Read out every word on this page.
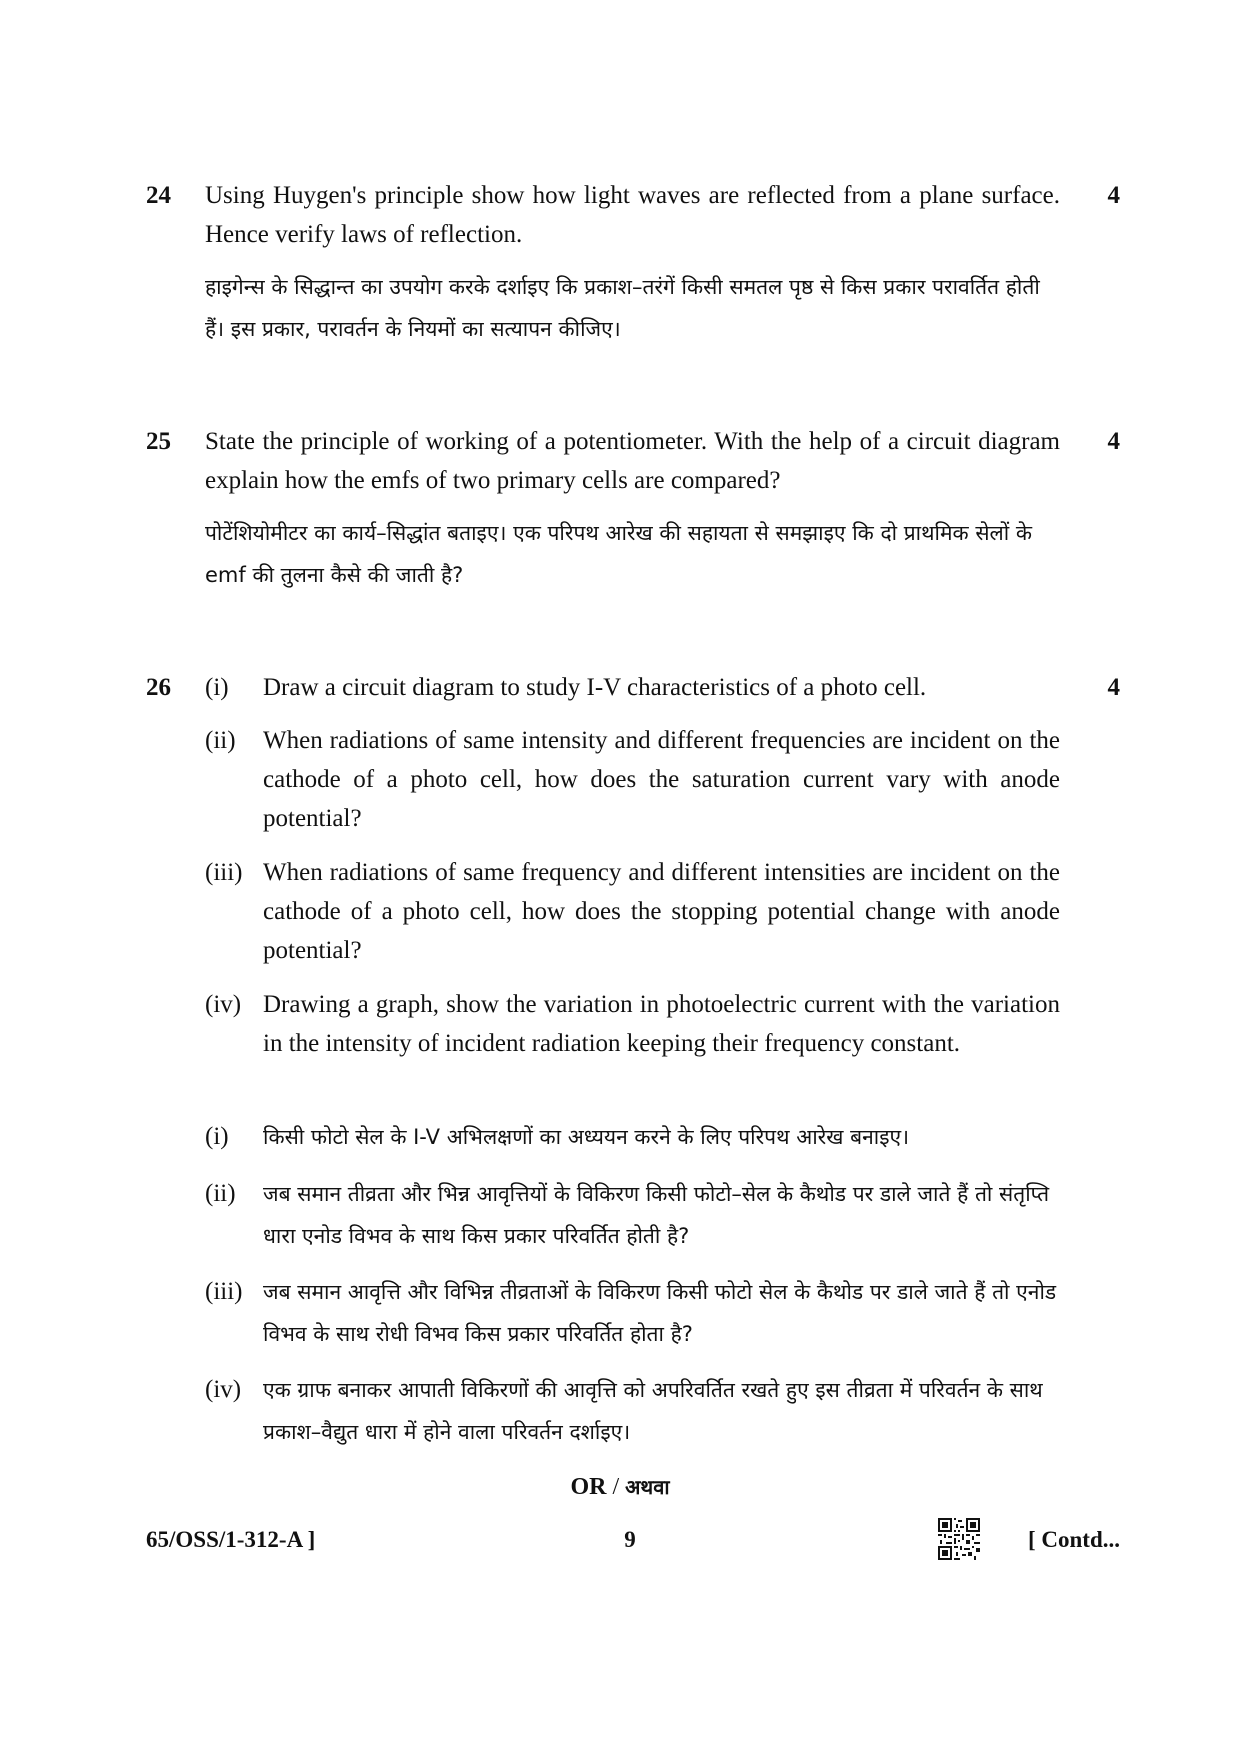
24	Using Huygen's principle show how light waves are reflected from a plane surface. Hence verify laws of reflection.
4
हाइगेन्स के सिद्धान्त का उपयोग करके दर्शाइए कि प्रकाश–तरंगें किसी समतल पृष्ठ से किस प्रकार परावर्तित होती हैं। इस प्रकार, परावर्तन के नियमों का सत्यापन कीजिए।
25	State the principle of working of a potentiometer. With the help of a circuit diagram explain how the emfs of two primary cells are compared?
4
पोटेंशियोमीटर का कार्य–सिद्धांत बताइए। एक परिपथ आरेख की सहायता से समझाइए कि दो प्राथमिक सेलों के emf की तुलना कैसे की जाती है?
26	4
(i)	Draw a circuit diagram to study I-V characteristics of a photo cell.
(ii)	When radiations of same intensity and different frequencies are incident on the cathode of a photo cell, how does the saturation current vary with anode potential?
(iii) When radiations of same frequency and different intensities are incident on the cathode of a photo cell, how does the stopping potential change with anode potential?
(iv) Drawing a graph, show the variation in photoelectric current with the variation in the intensity of incident radiation keeping their frequency constant.
(i)	किसी फोटो सेल के I-V अभिलक्षणों का अध्ययन करने के लिए परिपथ आरेख बनाइए।
(ii)	जब समान तीव्रता और भिन्न आवृत्तियों के विकिरण किसी फोटो–सेल के कैथोड पर डाले जाते हैं तो संतृप्ति धारा एनोड विभव के साथ किस प्रकार परिवर्तित होती है?
(iii) जब समान आवृत्ति और विभिन्न तीव्रताओं के विकिरण किसी फोटो सेल के कैथोड पर डाले जाते हैं तो एनोड विभव के साथ रोधी विभव किस प्रकार परिवर्तित होता है?
(iv)	एक ग्राफ बनाकर आपाती विकिरणों की आवृत्ति को अपरिवर्तित रखते हुए इस तीव्रता में परिवर्तन के साथ प्रकाश–वैद्युत धारा में होने वाला परिवर्तन दर्शाइए।
OR / अथवा
65/OSS/1-312-A ]	9	[ Contd...
